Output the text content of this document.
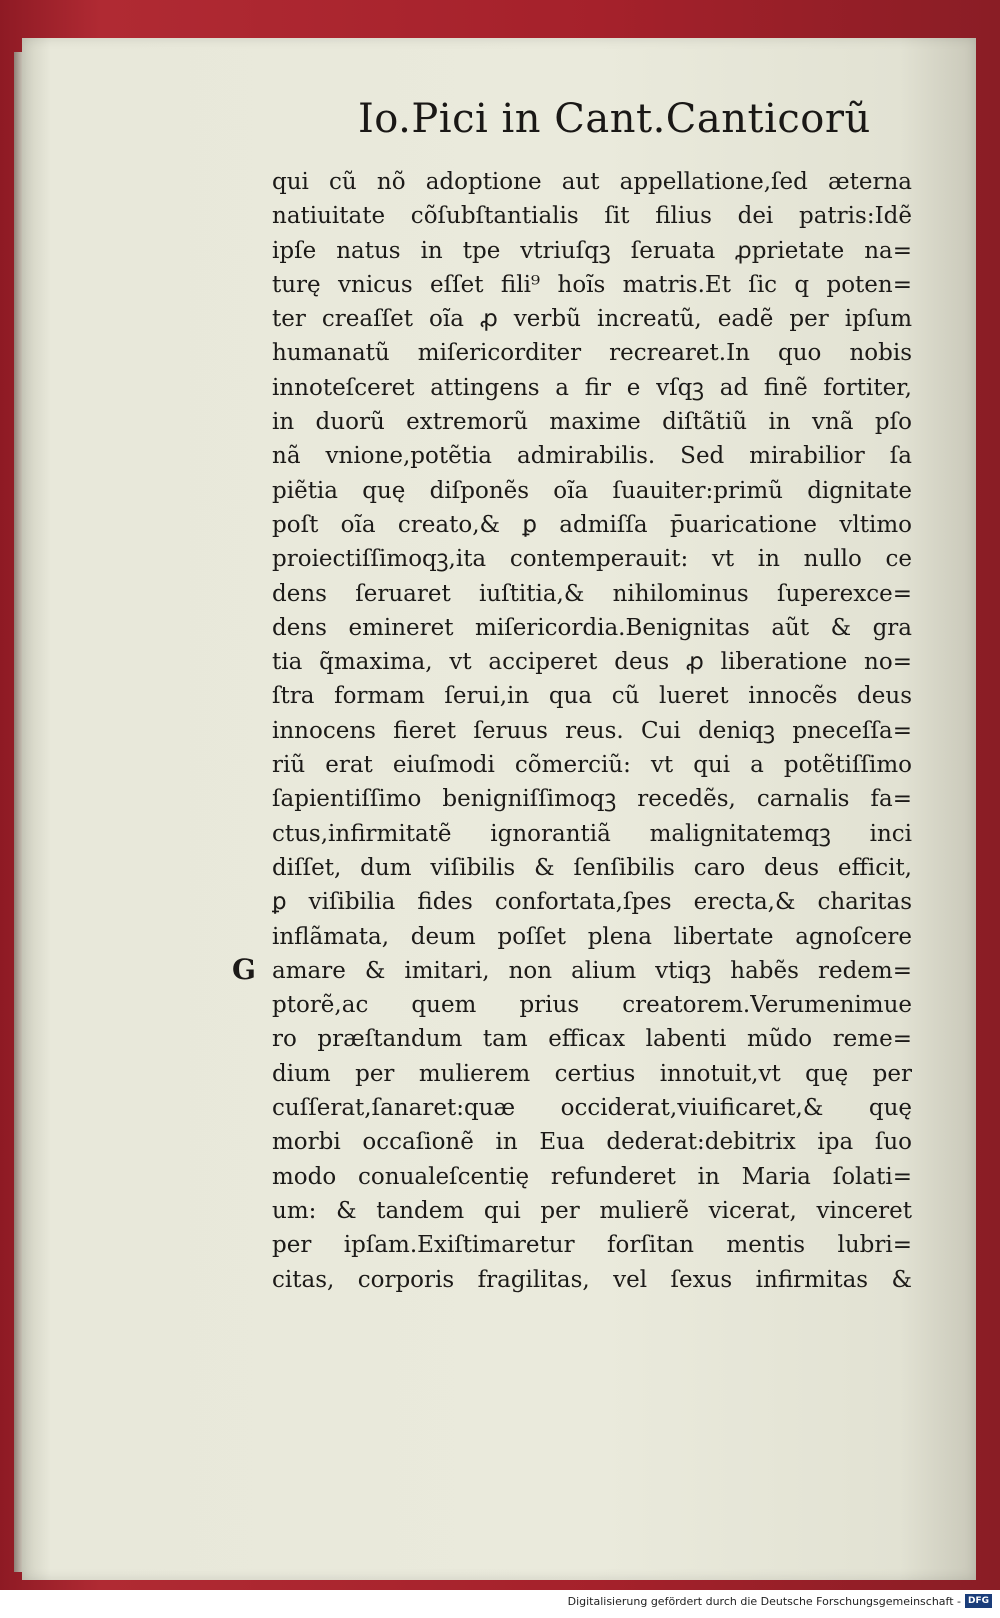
Io.Pici in Cant.Canticorũ
qui cũ nõ adoptione aut appellatione,ſed æterna
natiuitate cõſubſtantialis ſit filius dei patris:Idẽ
ipſe natus in tpe vtriuſqꝫ ſeruata ꝓprietate na=
turę vnicus eſſet fili⁹ hoĩs matris.Et ſic q poten=
ter creaſſet oĩa ꝓ verbũ increatũ, eadẽ per ipſum
humanatũ miſericorditer recrearet.In quo nobis
innoteſceret attingens a fir e vſqꝫ ad finẽ fortiter,
in duorũ extremorũ maxime diſtãtiũ in vnã pſo
nã vnione,potẽtia admirabilis. Sed mirabilior ſa
piẽtia quę diſponẽs oĩa ſuauiter:primũ dignitate
poſt oĩa creato,& ꝑ admiſſa p̄uaricatione vltimo
proiectiſſimoqꝫ,ita contemperauit: vt in nullo ce
dens ſeruaret iuſtitia,& nihilominus ſuperexce=
dens emineret miſericordia.Benignitas aũt & gra
tia q̃maxima, vt acciperet deus ꝓ liberatione no=
ſtra formam ſerui,in qua cũ lueret innocẽs deus
innocens fieret ſeruus reus. Cui deniqꝫ pneceſſa=
riũ erat eiuſmodi cõmerciũ: vt qui a potẽtiſſimo
ſapientiſſimo benigniſſimoqꝫ recedẽs, carnalis fa=
ctus,infirmitatẽ ignorantiã malignitatemqꝫ inci
diſſet, dum viſibilis & ſenſibilis caro deus efficit,
ꝑ viſibilia fides confortata,ſpes erecta,& charitas
inflãmata, deum poſſet plena libertate agnoſcere
amare & imitari, non alium vtiqꝫ habẽs redem=
ptorẽ,ac quem prius creatorem.Verumenimue
ro præſtandum tam efficax labenti mũdo reme=
dium per mulierem certius innotuit,vt quę per
cuſſerat,ſanaret:quæ occiderat,viuificaret,& quę
morbi occaſionẽ in Eua dederat:debitrix ipa ſuo
modo conualeſcentię refunderet in Maria ſolati=
um: & tandem qui per mulierẽ vicerat, vinceret
per ipſam.Exiſtimaretur forſitan mentis lubri=
citas, corporis fragilitas, vel ſexus infirmitas &
G
Digitalisierung gefördert durch die Deutsche Forschungsgemeinschaft - DFG
